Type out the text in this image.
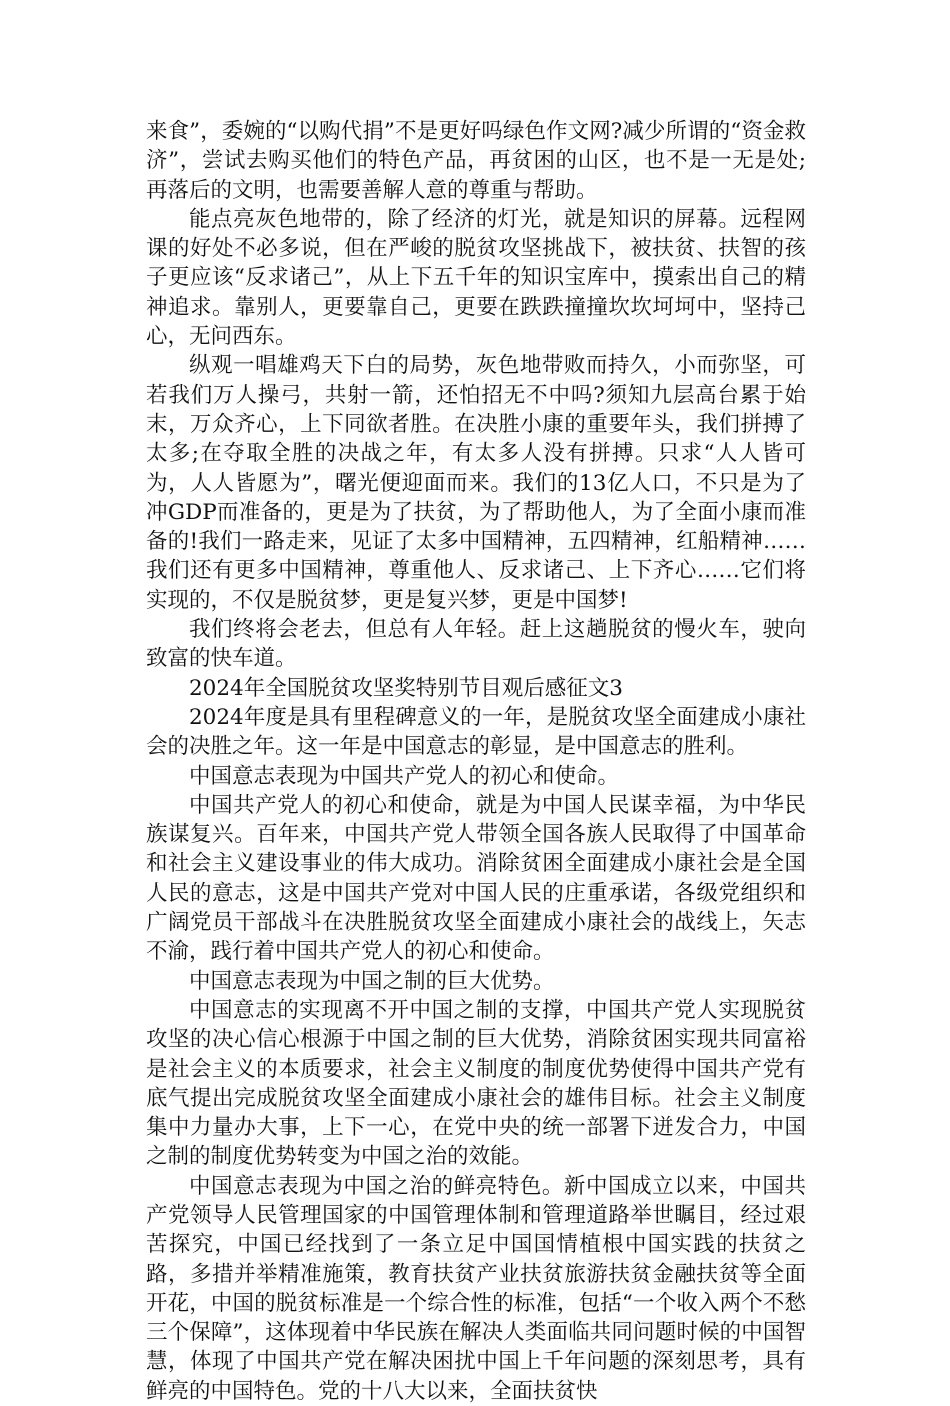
来食”，委婉的“以购代捐”不是更好吗绿色作文网?减少所谓的“资金救济”，尝试去购买他们的特色产品，再贫困的山区，也不是一无是处;再落后的文明，也需要善解人意的尊重与帮助。

能点亮灰色地带的，除了经济的灯光，就是知识的屏幕。远程网课的好处不必多说，但在严峻的脱贫攻坚挑战下，被扶贫、扶智的孩子更应该“反求诸己”，从上下五千年的知识宝库中，摸索出自己的精神追求。靠别人，更要靠自己，更要在跌跌撞撞坎坎坷坷中，坚持己心，无问西东。

纵观一唱雄鸡天下白的局势，灰色地带败而持久，小而弥坚，可若我们万人操弓，共射一箭，还怕招无不中吗?须知九层高台累于始末，万众齐心，上下同欲者胜。在决胜小康的重要年头，我们拼搏了太多;在夺取全胜的决战之年，有太多人没有拼搏。只求“人人皆可为，人人皆愿为”，曙光便迎面而来。我们的13亿人口，不只是为了冲GDP而准备的，更是为了扶贫，为了帮助他人，为了全面小康而准备的!我们一路走来，见证了太多中国精神，五四精神，红船精神……我们还有更多中国精神，尊重他人、反求诸己、上下齐心……它们将实现的，不仅是脱贫梦，更是复兴梦，更是中国梦!

我们终将会老去，但总有人年轻。赶上这趟脱贫的慢火车，驶向致富的快车道。

2024年全国脱贫攻坚奖特别节目观后感征文3

2024年度是具有里程碑意义的一年，是脱贫攻坚全面建成小康社会的决胜之年。这一年是中国意志的彰显，是中国意志的胜利。

中国意志表现为中国共产党人的初心和使命。

中国共产党人的初心和使命，就是为中国人民谋幸福，为中华民族谋复兴。百年来，中国共产党人带领全国各族人民取得了中国革命和社会主义建设事业的伟大成功。消除贫困全面建成小康社会是全国人民的意志，这是中国共产党对中国人民的庄重承诺，各级党组织和广阔党员干部战斗在决胜脱贫攻坚全面建成小康社会的战线上，矢志不渝，践行着中国共产党人的初心和使命。

中国意志表现为中国之制的巨大优势。

中国意志的实现离不开中国之制的支撑，中国共产党人实现脱贫攻坚的决心信心根源于中国之制的巨大优势，消除贫困实现共同富裕是社会主义的本质要求，社会主义制度的制度优势使得中国共产党有底气提出完成脱贫攻坚全面建成小康社会的雄伟目标。社会主义制度集中力量办大事，上下一心，在党中央的统一部署下迸发合力，中国之制的制度优势转变为中国之治的效能。

中国意志表现为中国之治的鲜亮特色。新中国成立以来，中国共产党领导人民管理国家的中国管理体制和管理道路举世瞩目，经过艰苦探究，中国已经找到了一条立足中国国情植根中国实践的扶贫之路，多措并举精准施策，教育扶贫产业扶贫旅游扶贫金融扶贫等全面开花，中国的脱贫标准是一个综合性的标准，包括“一个收入两个不愁三个保障”，这体现着中华民族在解决人类面临共同问题时候的中国智慧，体现了中国共产党在解决困扰中国上千年问题的深刻思考，具有鲜亮的中国特色。党的十八大以来，全面扶贫快
